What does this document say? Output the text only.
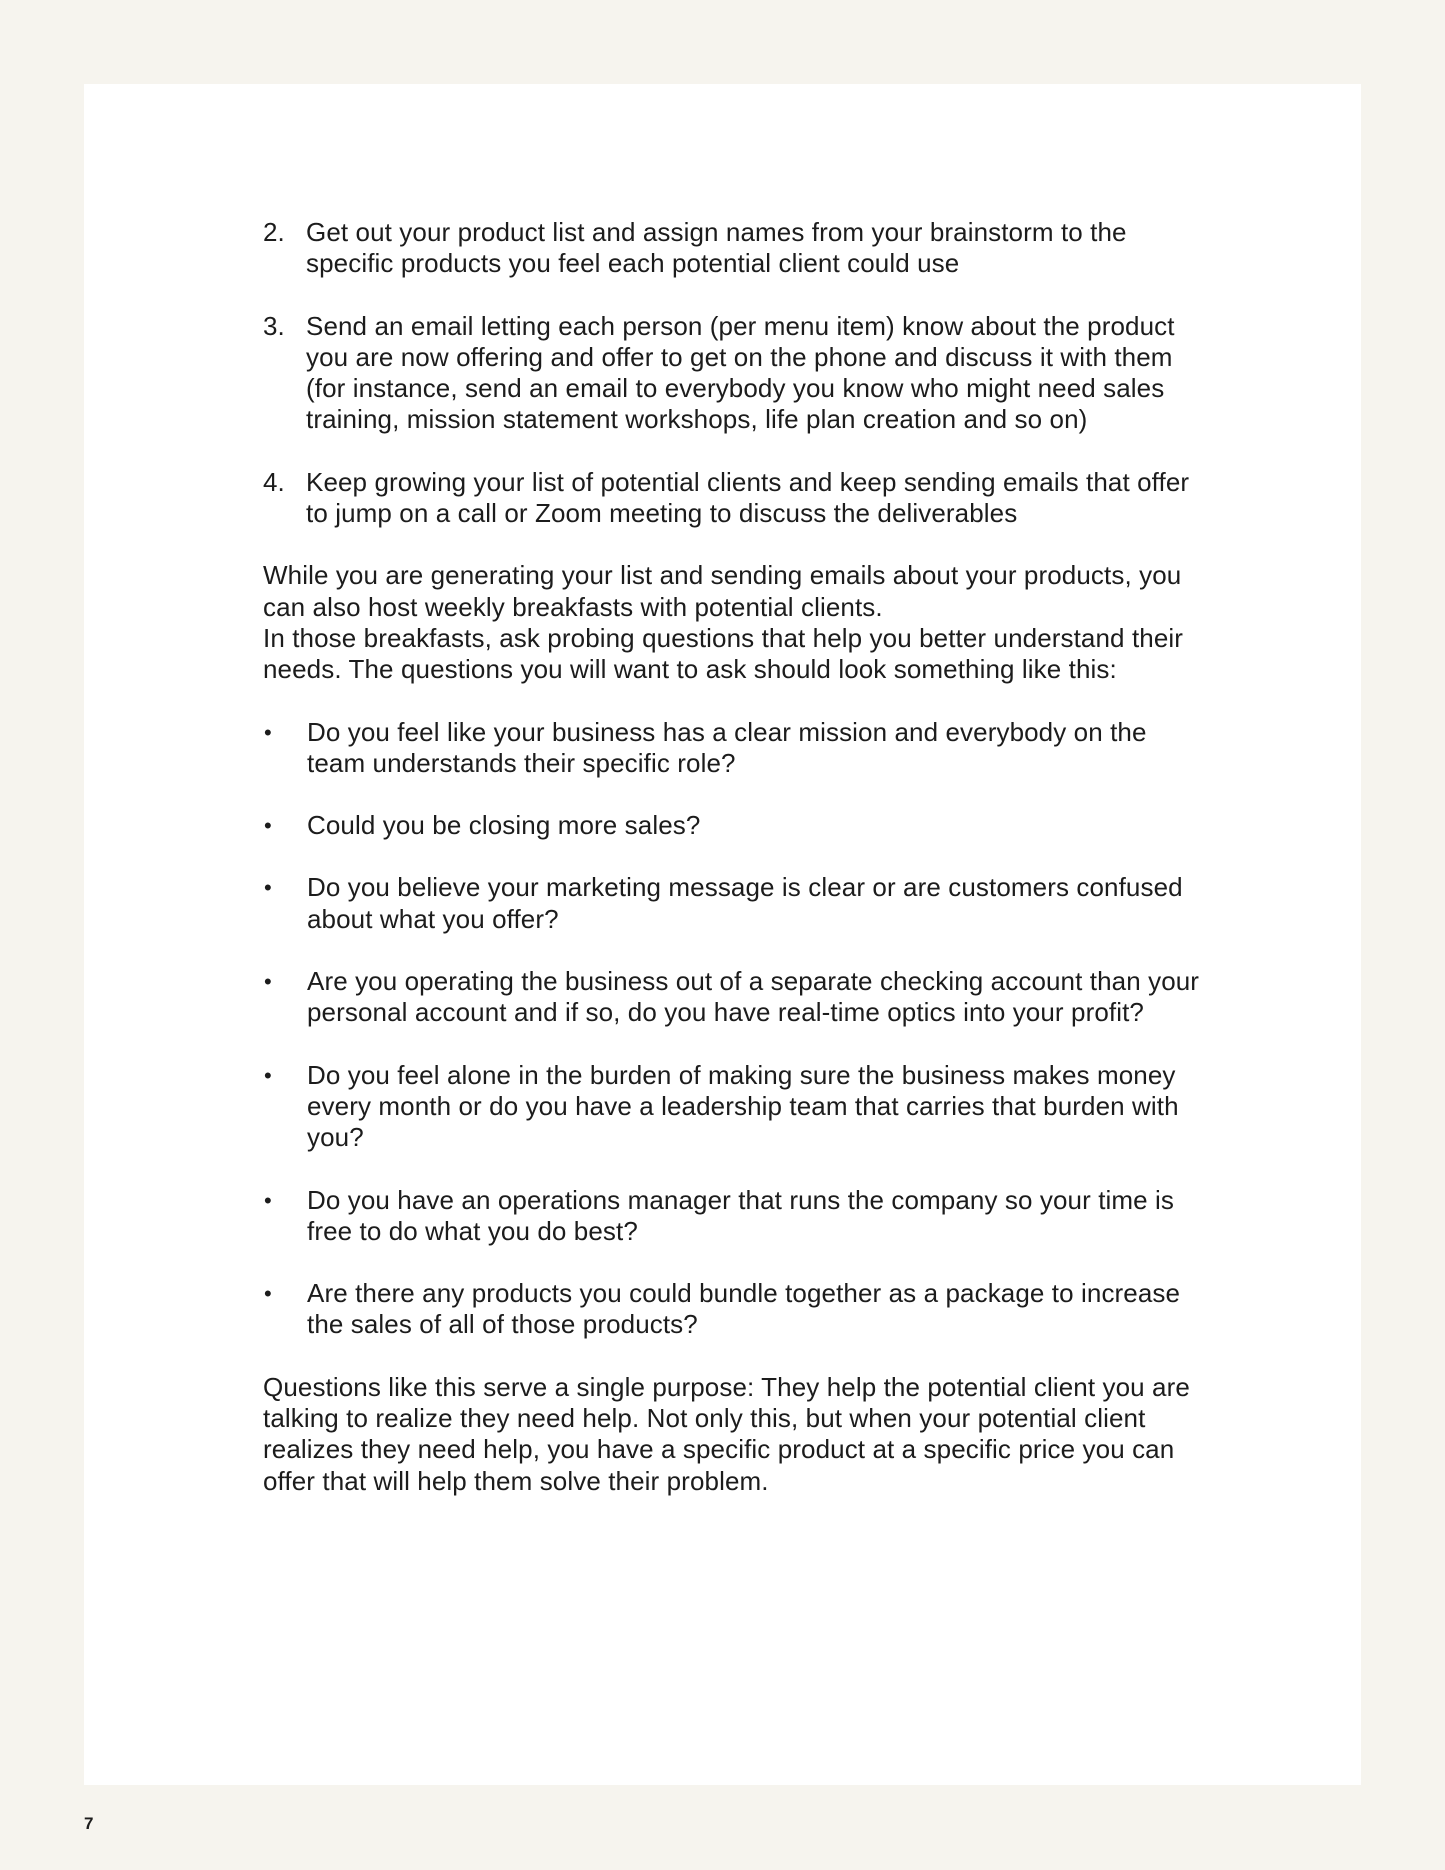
2. Get out your product list and assign names from your brainstorm to the specific products you feel each potential client could use
3. Send an email letting each person (per menu item) know about the product you are now offering and offer to get on the phone and discuss it with them (for instance, send an email to everybody you know who might need sales training, mission statement workshops, life plan creation and so on)
4. Keep growing your list of potential clients and keep sending emails that offer to jump on a call or Zoom meeting to discuss the deliverables

While you are generating your list and sending emails about your products, you can also host weekly breakfasts with potential clients.

In those breakfasts, ask probing questions that help you better understand their needs. The questions you will want to ask should look something like this:

•	Do you feel like your business has a clear mission and everybody on the team understands their specific role?
•	Could you be closing more sales?
•	Do you believe your marketing message is clear or are customers confused about what you offer?
•	Are you operating the business out of a separate checking account than your personal account and if so, do you have real-time optics into your profit?
•	Do you feel alone in the burden of making sure the business makes money every month or do you have a leadership team that carries that burden with you?
•	Do you have an operations manager that runs the company so your time is free to do what you do best?
•	Are there any products you could bundle together as a package to increase the sales of all of those products?

Questions like this serve a single purpose: They help the potential client you are talking to realize they need help. Not only this, but when your potential client realizes they need help, you have a specific product at a specific price you can offer that will help them solve their problem.

7
